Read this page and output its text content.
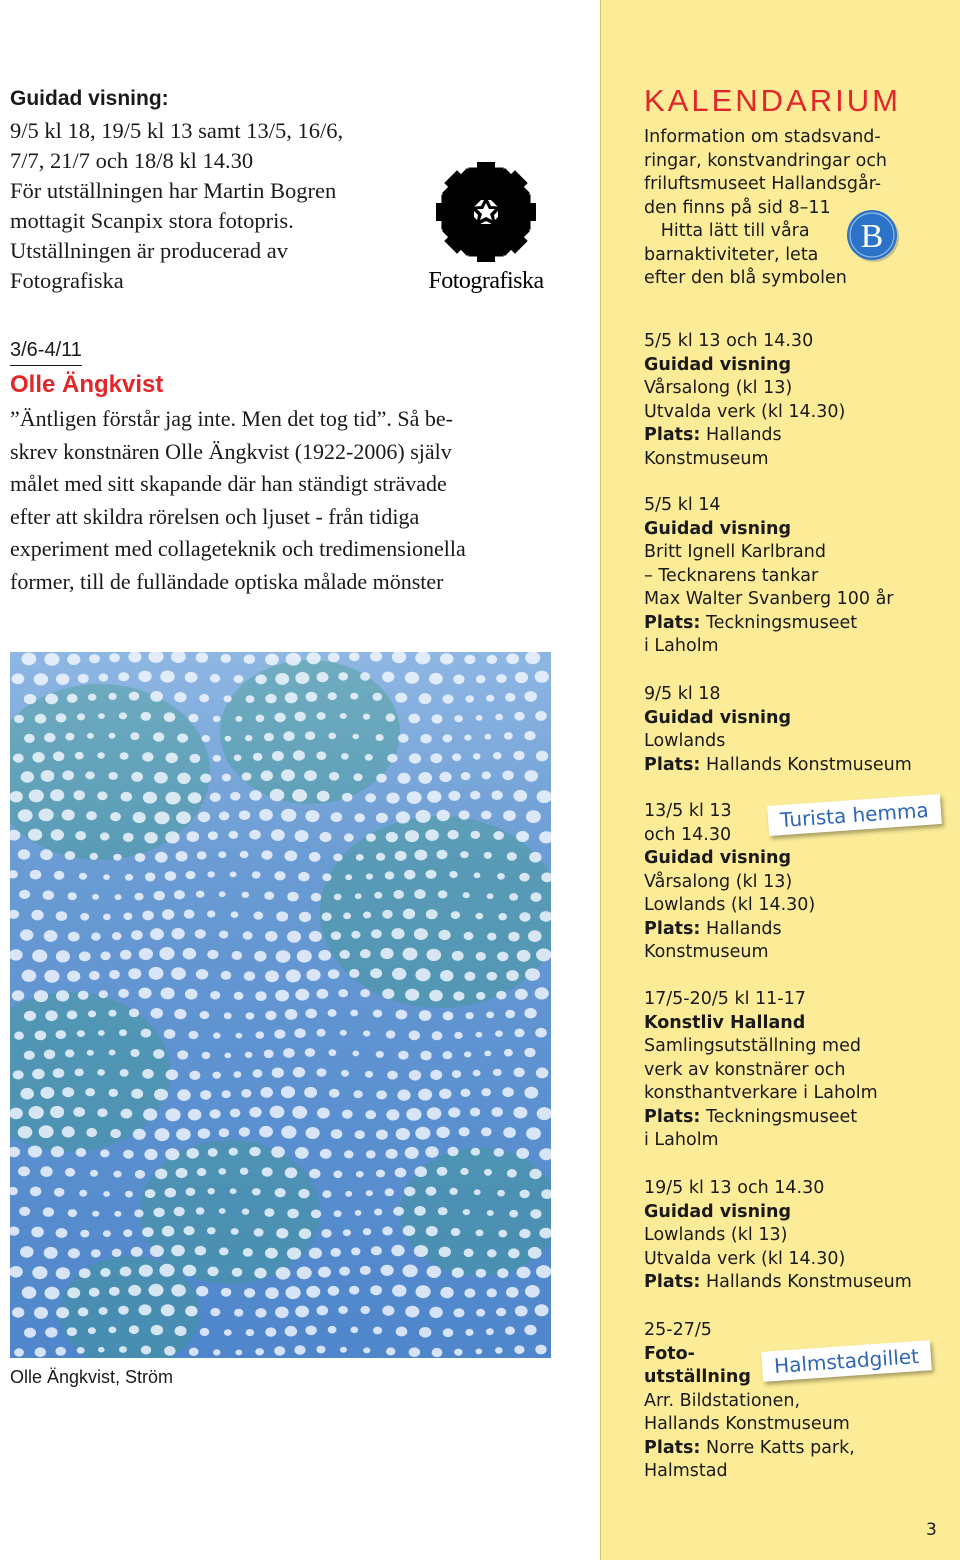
Guidad visning:
9/5 kl 18, 19/5 kl 13 samt 13/5, 16/6,
7/7, 21/7 och 18/8 kl 14.30
För utställningen har Martin Bogren
mottagit Scanpix stora fotopris.
Utställningen är producerad av
Fotografiska	Fotografiska
3/6-4/11
Olle Ängkvist
”Äntligen förstår jag inte. Men det tog tid”. Så be-
skrev konstnären Olle Ängkvist (1922-2006) själv
målet med sitt skapande där han ständigt strävade
efter att skildra rörelsen och ljuset - från tidiga
experiment med collageteknik och tredimensionella
former, till de fulländade optiska målade mönster
Olle Ängkvist, Ström
KALENDARIUM
Information om stadsvand-
ringar, konstvandringar och
friluftsmuseet Hallandsgår-
den finns på sid 8–11
Hitta lätt till våra
barnaktiviteter, leta
efter den blå symbolen
B
5/5 kl 13 och 14.30
Guidad visning
Vårsalong (kl 13)
Utvalda verk (kl 14.30)
Plats: Hallands
Konstmuseum
5/5 kl 14
Guidad visning
Britt Ignell Karlbrand
– Tecknarens tankar
Max Walter Svanberg 100 år
Plats: Teckningsmuseet
i Laholm
9/5 kl 18
Guidad visning
Lowlands
Plats: Hallands Konstmuseum
13/5 kl 13
och 14.30
Guidad visning
Vårsalong (kl 13)
Lowlands (kl 14.30)
Plats: Hallands
Konstmuseum
17/5-20/5 kl 11-17
Konstliv Halland
Samlingsutställning med
verk av konstnärer och
konsthantverkare i Laholm
Plats: Teckningsmuseet
i Laholm
19/5 kl 13 och 14.30
Guidad visning
Lowlands (kl 13)
Utvalda verk (kl 14.30)
Plats: Hallands Konstmuseum
25-27/5
Foto-
utställning
Arr. Bildstationen,
Hallands Konstmuseum
Plats: Norre Katts park,
Halmstad
Turista hemma
Halmstadgillet
3
